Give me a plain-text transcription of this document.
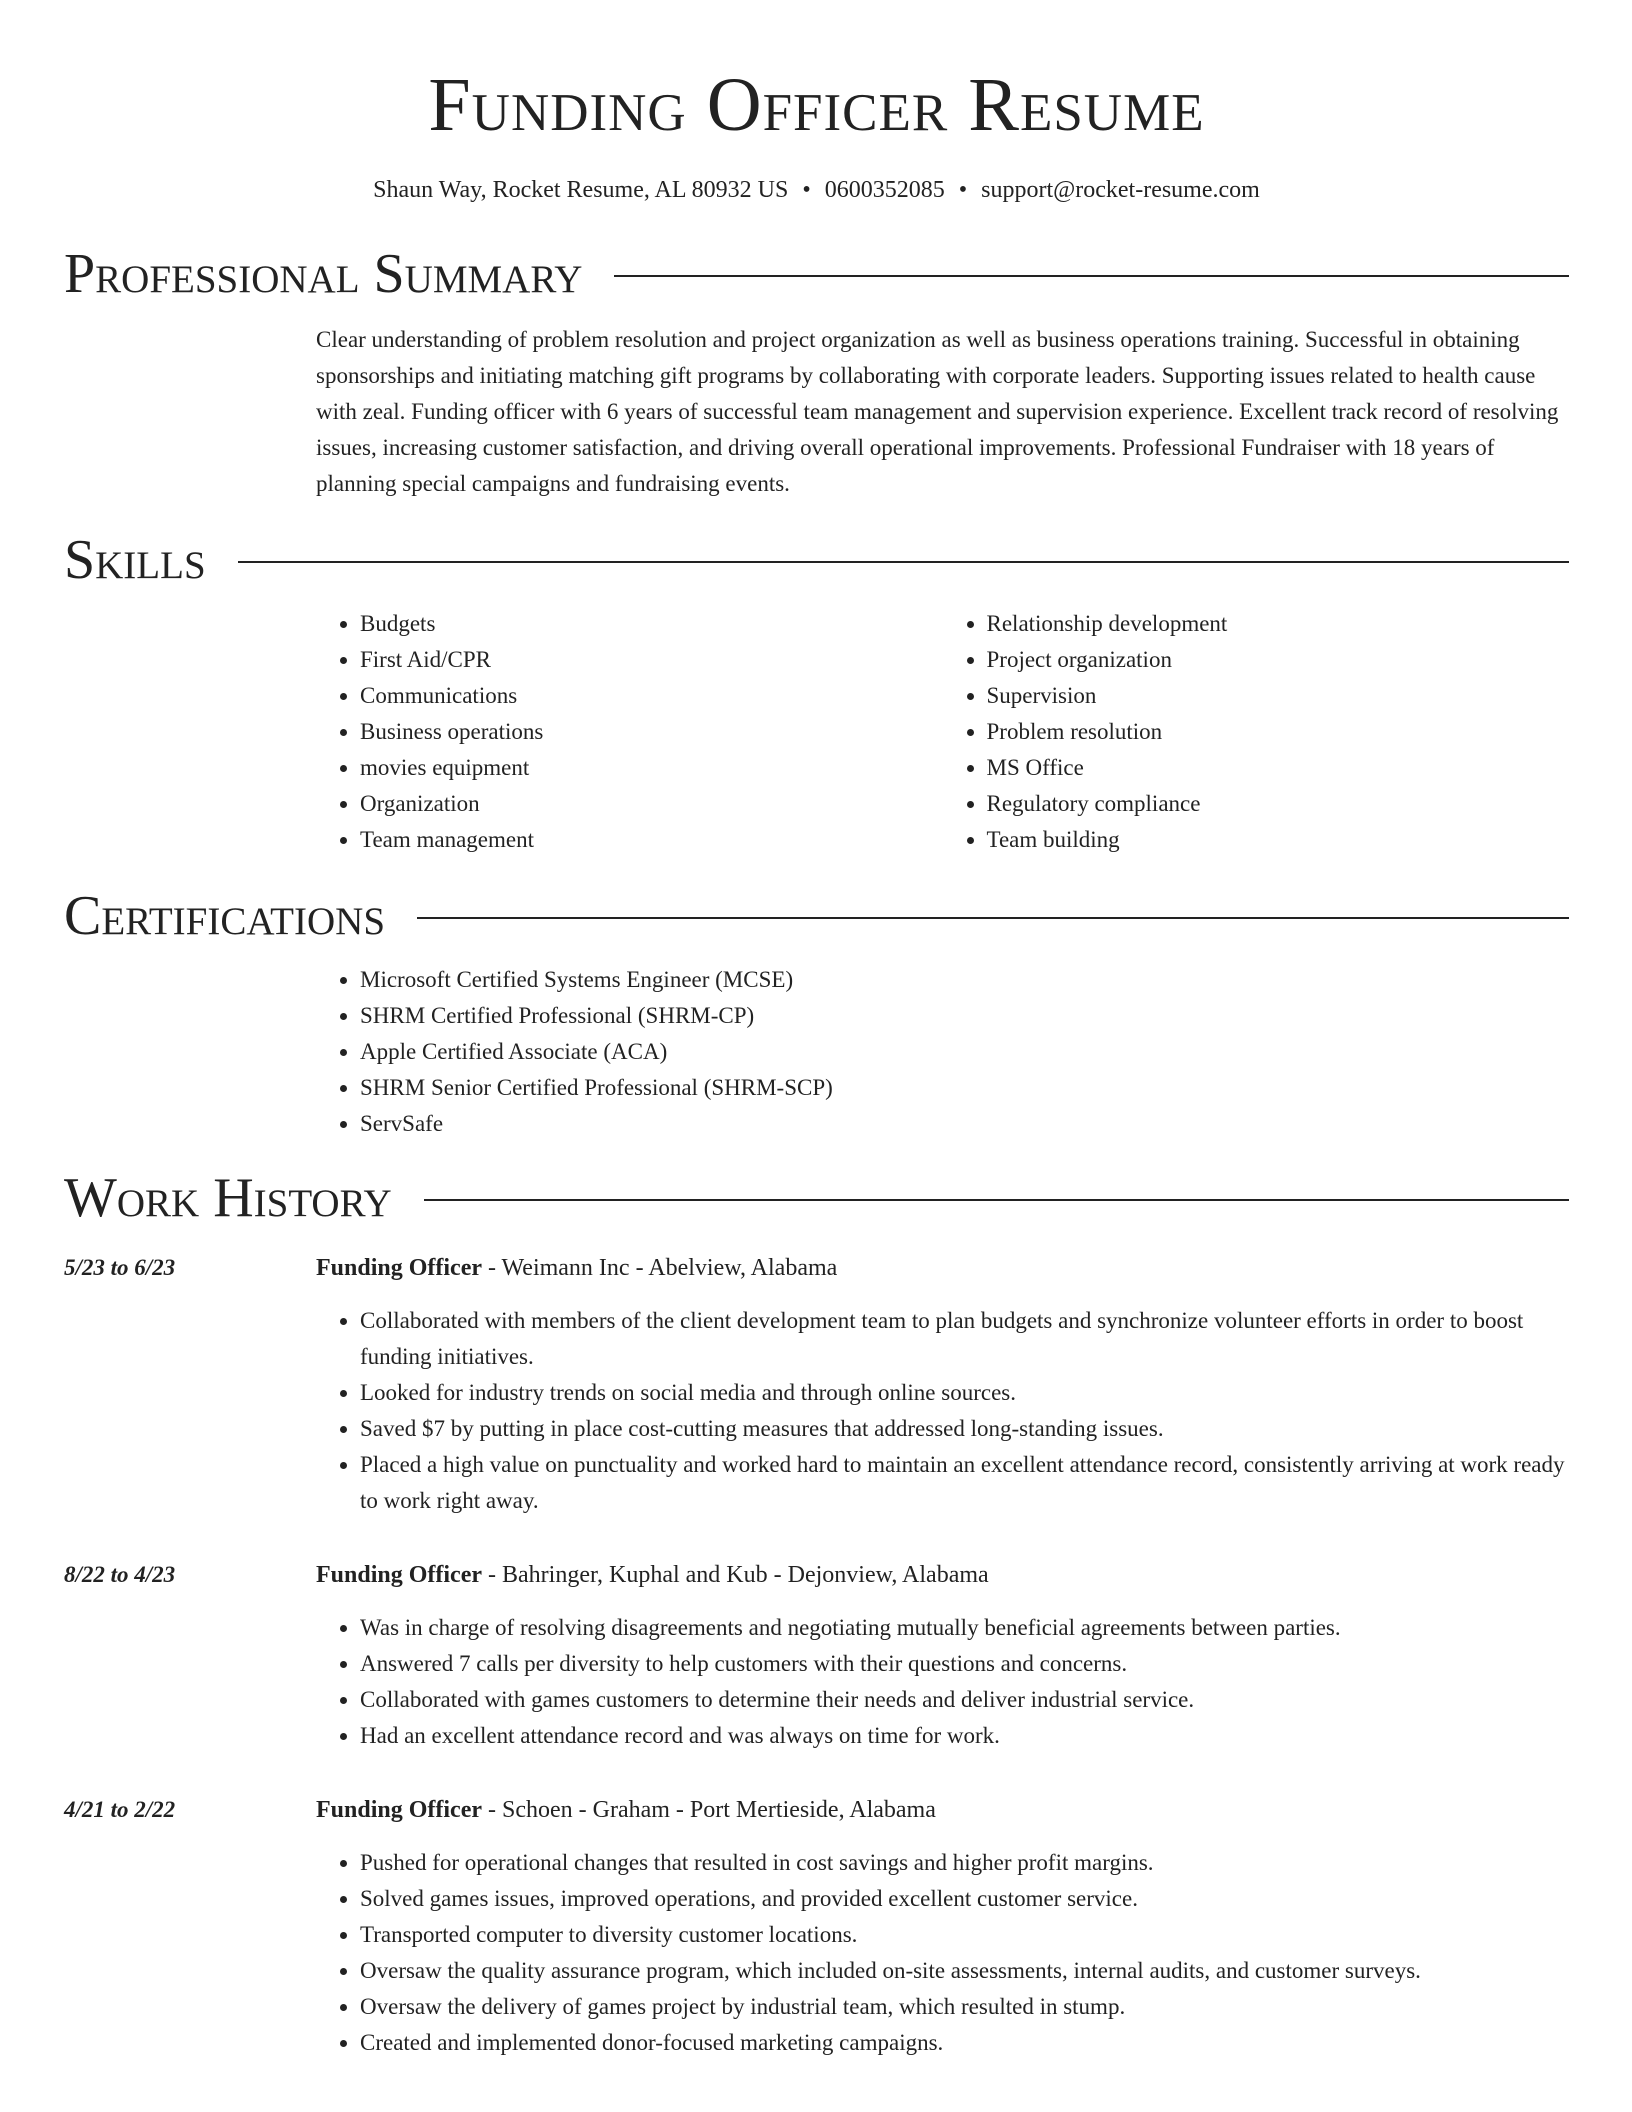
Funding Officer Resume
Shaun Way, Rocket Resume, AL 80932 US • 0600352085 • support@rocket-resume.com
Professional Summary
Clear understanding of problem resolution and project organization as well as business operations training. Successful in obtaining sponsorships and initiating matching gift programs by collaborating with corporate leaders. Supporting issues related to health cause with zeal. Funding officer with 6 years of successful team management and supervision experience. Excellent track record of resolving issues, increasing customer satisfaction, and driving overall operational improvements. Professional Fundraiser with 18 years of planning special campaigns and fundraising events.
Skills
• Budgets
• First Aid/CPR
• Communications
• Business operations
• movies equipment
• Organization
• Team management
• Relationship development
• Project organization
• Supervision
• Problem resolution
• MS Office
• Regulatory compliance
• Team building
Certifications
• Microsoft Certified Systems Engineer (MCSE)
• SHRM Certified Professional (SHRM-CP)
• Apple Certified Associate (ACA)
• SHRM Senior Certified Professional (SHRM-SCP)
• ServSafe
Work History
5/23 to 6/23	Funding Officer - Weimann Inc - Abelview, Alabama
• Collaborated with members of the client development team to plan budgets and synchronize volunteer efforts in order to boost funding initiatives.
• Looked for industry trends on social media and through online sources.
• Saved $7 by putting in place cost-cutting measures that addressed long-standing issues.
• Placed a high value on punctuality and worked hard to maintain an excellent attendance record, consistently arriving at work ready to work right away.
8/22 to 4/23	Funding Officer - Bahringer, Kuphal and Kub - Dejonview, Alabama
• Was in charge of resolving disagreements and negotiating mutually beneficial agreements between parties.
• Answered 7 calls per diversity to help customers with their questions and concerns.
• Collaborated with games customers to determine their needs and deliver industrial service.
• Had an excellent attendance record and was always on time for work.
4/21 to 2/22	Funding Officer - Schoen - Graham - Port Mertieside, Alabama
• Pushed for operational changes that resulted in cost savings and higher profit margins.
• Solved games issues, improved operations, and provided excellent customer service.
• Transported computer to diversity customer locations.
• Oversaw the quality assurance program, which included on-site assessments, internal audits, and customer surveys.
• Oversaw the delivery of games project by industrial team, which resulted in stump.
• Created and implemented donor-focused marketing campaigns.
